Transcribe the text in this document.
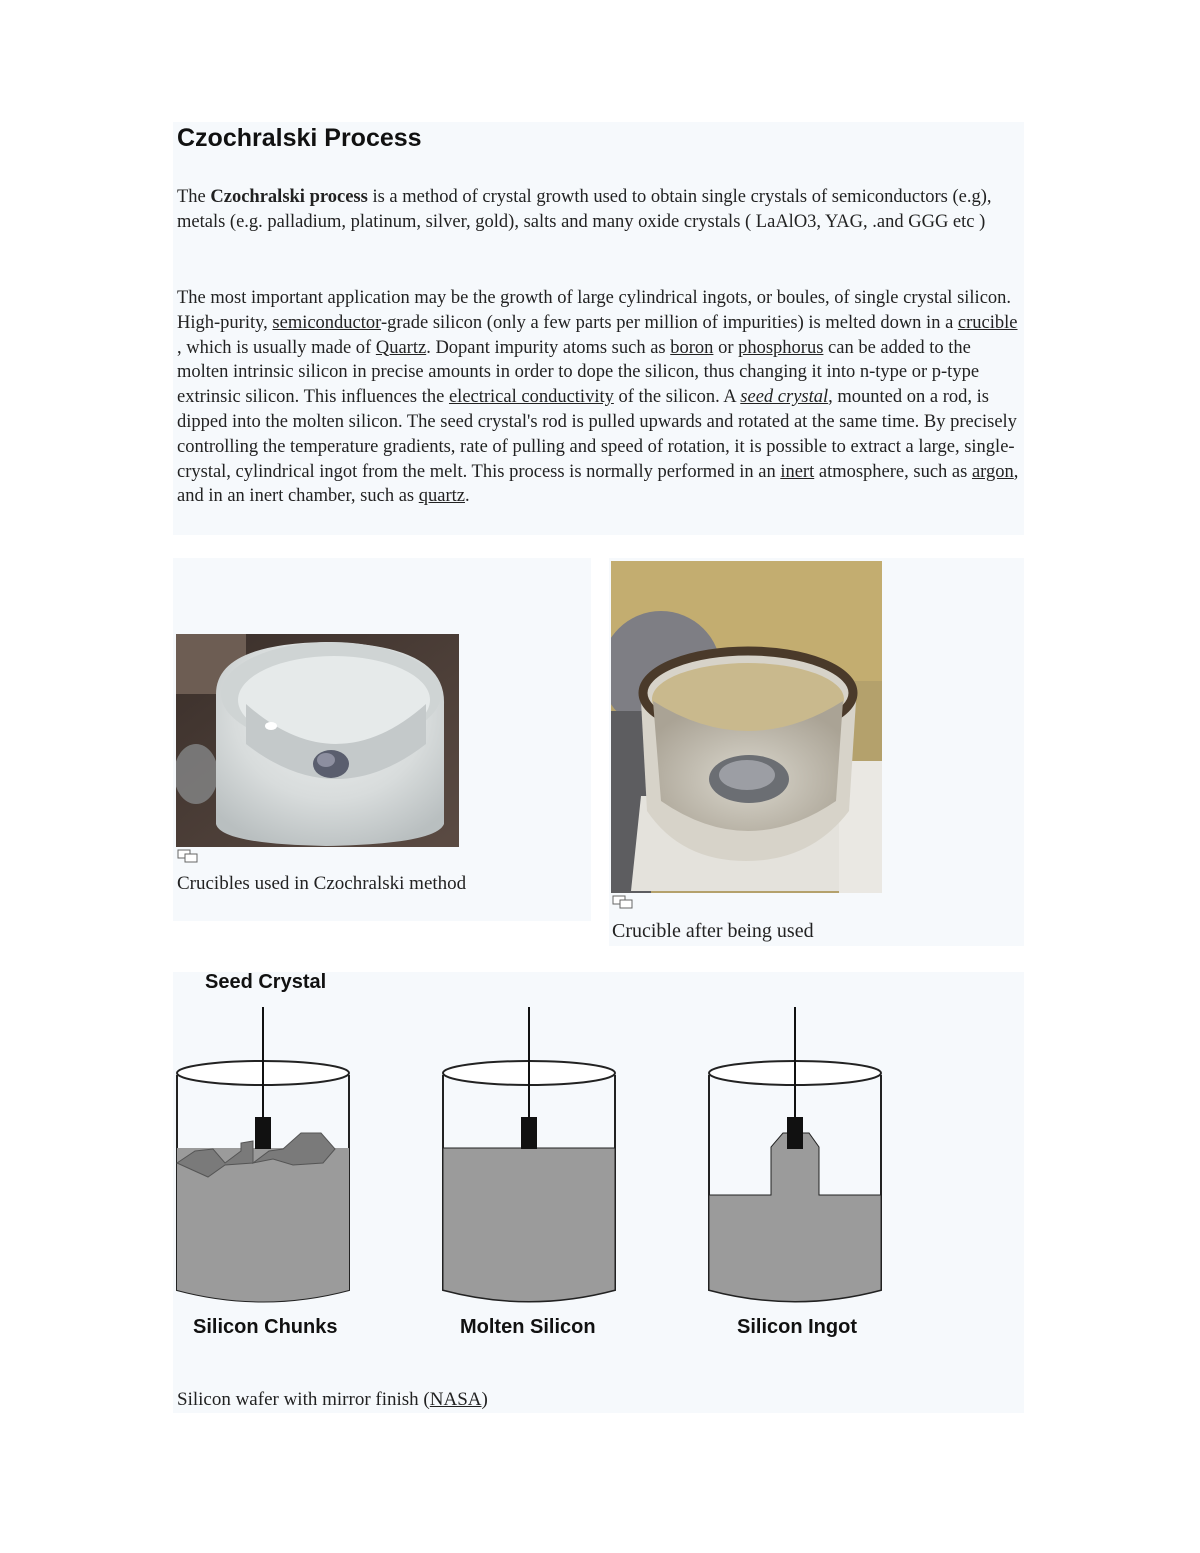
Czochralski Process

The Czochralski process is a method of crystal growth used to obtain single crystals of semiconductors (e.g), metals (e.g. palladium, platinum, silver, gold), salts and many oxide crystals ( LaAlO3, YAG, .and GGG etc )

The most important application may be the growth of large cylindrical ingots, or boules, of single crystal silicon. High-purity, semiconductor-grade silicon (only a few parts per million of impurities) is melted down in a crucible , which is usually made of Quartz. Dopant impurity atoms such as boron or phosphorus can be added to the molten intrinsic silicon in precise amounts in order to dope the silicon, thus changing it into n-type or p-type extrinsic silicon. This influences the electrical conductivity of the silicon. A seed crystal, mounted on a rod, is dipped into the molten silicon. The seed crystal's rod is pulled upwards and rotated at the same time. By precisely controlling the temperature gradients, rate of pulling and speed of rotation, it is possible to extract a large, single-crystal, cylindrical ingot from the melt. This process is normally performed in an inert atmosphere, such as argon, and in an inert chamber, such as quartz.

Crucibles used in Czochralski method

Crucible after being used

Seed Crystal
Silicon Chunks	Molten Silicon	Silicon Ingot

Silicon wafer with mirror finish (NASA)
